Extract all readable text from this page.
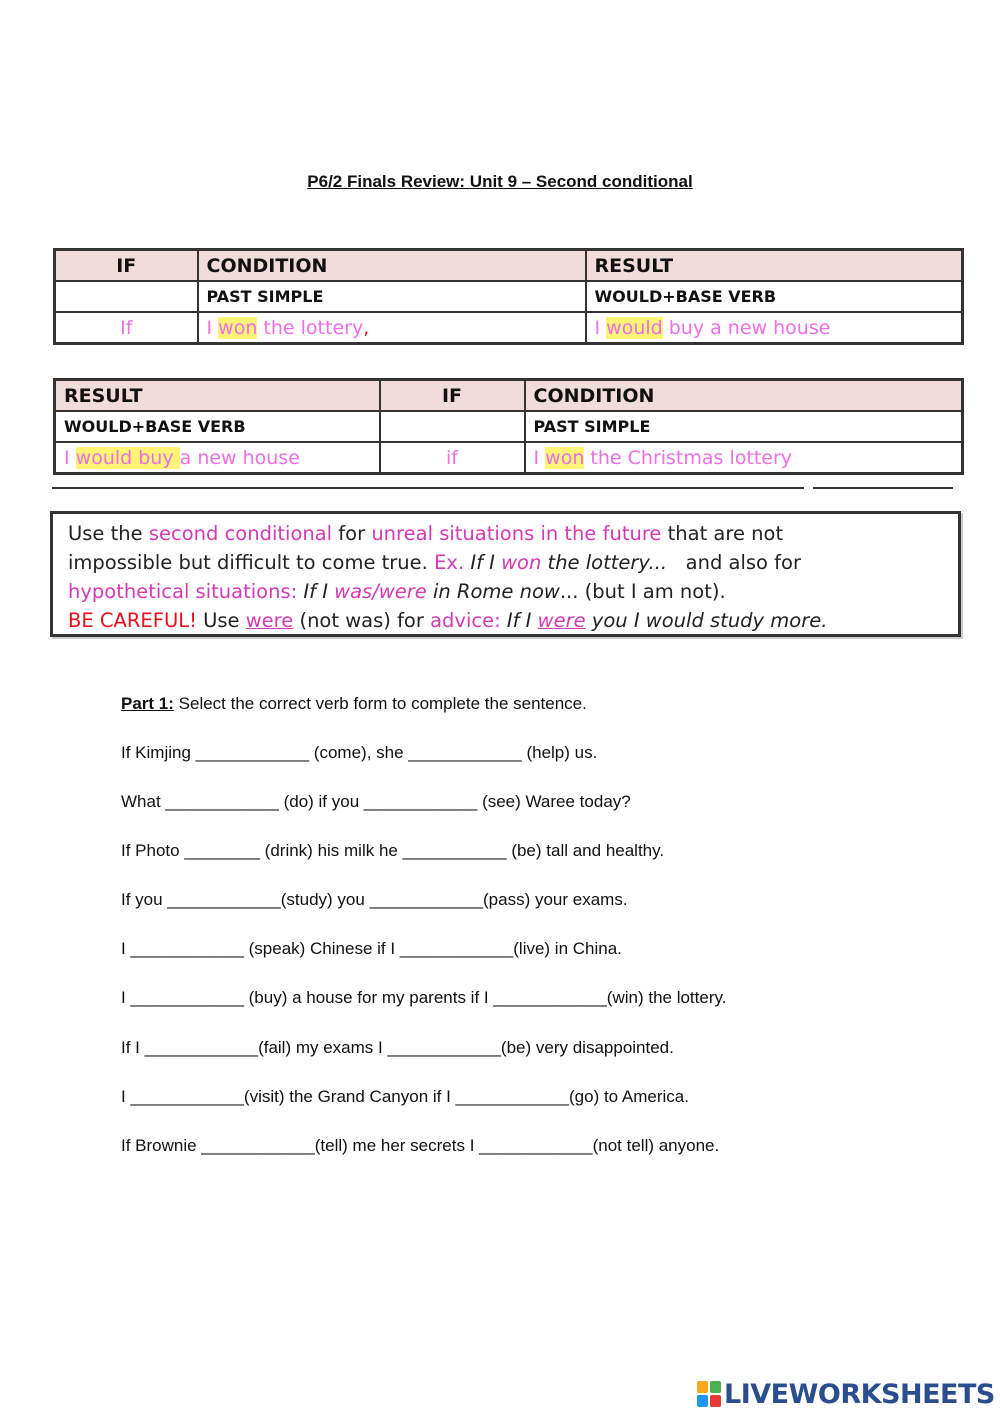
P6/2 Finals Review: Unit 9 – Second conditional
IF	CONDITION	RESULT
	PAST SIMPLE	WOULD+BASE VERB
If	I won the lottery,	I would buy a new house
RESULT	IF	CONDITION
WOULD+BASE VERB		PAST SIMPLE
I would buy a new house	if	I won the Christmas lottery
Use the second conditional for unreal situations in the future that are not
impossible but difficult to come true. Ex. If I won the lottery...   and also for
hypothetical situations: If I was/were in Rome now... (but I am not).
BE CAREFUL! Use were (not was) for advice: If I were you I would study more.
Part 1: Select the correct verb form to complete the sentence.
If Kimjing ____________ (come), she ____________ (help) us.
What ____________ (do) if you ____________ (see) Waree today?
If Photo ________ (drink) his milk he ___________ (be) tall and healthy.
If you ____________(study) you ____________(pass) your exams.
I ____________ (speak) Chinese if I ____________(live) in China.
I ____________ (buy) a house for my parents if I ____________(win) the lottery.
If I ____________(fail) my exams I ____________(be) very disappointed.
I ____________(visit) the Grand Canyon if I ____________(go) to America.
If Brownie ____________(tell) me her secrets I ____________(not tell) anyone.
LIVEWORKSHEETS
